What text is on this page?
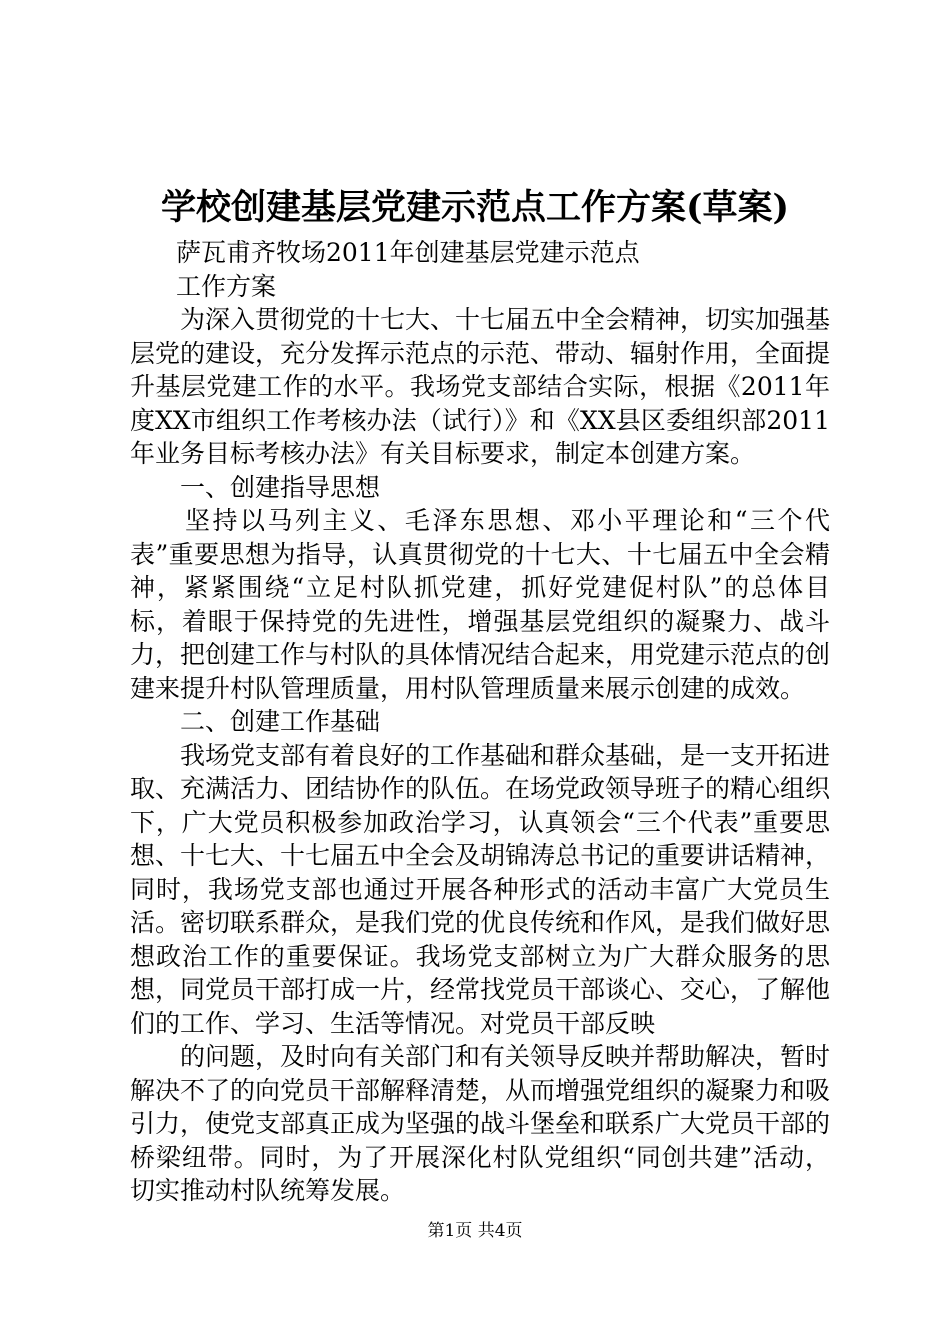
学校创建基层党建示范点工作方案(草案)

萨瓦甫齐牧场2011年创建基层党建示范点

工作方案

为深入贯彻党的十七大、十七届五中全会精神，切实加强基层党的建设，充分发挥示范点的示范、带动、辐射作用，全面提升基层党建工作的水平。我场党支部结合实际，根据《2011年度XX市组织工作考核办法（试行）》和《XX县区委组织部2011年业务目标考核办法》有关目标要求，制定本创建方案。

一、创建指导思想

坚持以马列主义、毛泽东思想、邓小平理论和“三个代表”重要思想为指导，认真贯彻党的十七大、十七届五中全会精神，紧紧围绕“立足村队抓党建，抓好党建促村队”的总体目标，着眼于保持党的先进性，增强基层党组织的凝聚力、战斗力，把创建工作与村队的具体情况结合起来，用党建示范点的创建来提升村队管理质量，用村队管理质量来展示创建的成效。

二、创建工作基础

我场党支部有着良好的工作基础和群众基础，是一支开拓进取、充满活力、团结协作的队伍。在场党政领导班子的精心组织下，广大党员积极参加政治学习，认真领会“三个代表”重要思想、十七大、十七届五中全会及胡锦涛总书记的重要讲话精神，同时，我场党支部也通过开展各种形式的活动丰富广大党员生活。密切联系群众，是我们党的优良传统和作风，是我们做好思想政治工作的重要保证。我场党支部树立为广大群众服务的思想，同党员干部打成一片，经常找党员干部谈心、交心，了解他们的工作、学习、生活等情况。对党员干部反映

的问题，及时向有关部门和有关领导反映并帮助解决，暂时解决不了的向党员干部解释清楚，从而增强党组织的凝聚力和吸引力，使党支部真正成为坚强的战斗堡垒和联系广大党员干部的桥梁纽带。同时，为了开展深化村队党组织“同创共建”活动，切实推动村队统筹发展。

第1页 共4页
